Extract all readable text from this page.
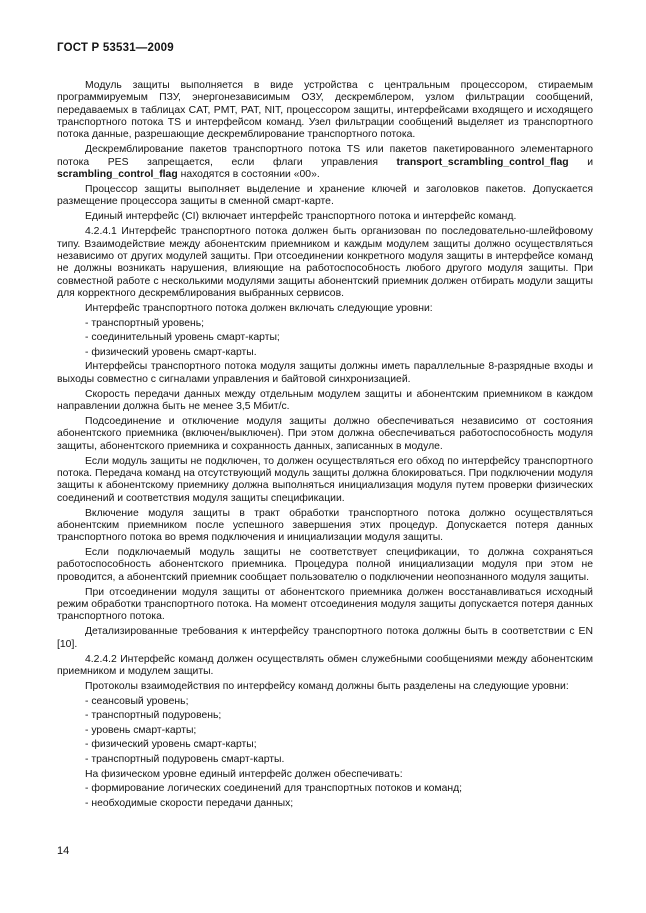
ГОСТ Р 53531—2009

Модуль защиты выполняется в виде устройства с центральным процессором, стираемым программируемым ПЗУ, энергонезависимым ОЗУ, дескремблером, узлом фильтрации сообщений, передаваемых в таблицах CAT, PMT, PAT, NIT, процессором защиты, интерфейсами входящего и исходящего транспортного потока TS и интерфейсом команд. Узел фильтрации сообщений выделяет из транспортного потока данные, разрешающие дескремблирование транспортного потока.

Дескремблирование пакетов транспортного потока TS или пакетов пакетированного элементарного потока PES запрещается, если флаги управления transport_scrambling_control_flag и scrambling_control_flag находятся в состоянии «00».

Процессор защиты выполняет выделение и хранение ключей и заголовков пакетов. Допускается размещение процессора защиты в сменной смарт-карте.

Единый интерфейс (CI) включает интерфейс транспортного потока и интерфейс команд.

4.2.4.1 Интерфейс транспортного потока должен быть организован по последовательно-шлейфовому типу. Взаимодействие между абонентским приемником и каждым модулем защиты должно осуществляться независимо от других модулей защиты. При отсоединении конкретного модуля защиты в интерфейсе команд не должны возникать нарушения, влияющие на работоспособность любого другого модуля защиты. При совместной работе с несколькими модулями защиты абонентский приемник должен отбирать модули защиты для корректного дескремблирования выбранных сервисов.

Интерфейс транспортного потока должен включать следующие уровни:

- транспортный уровень;

- соединительный уровень смарт-карты;

- физический уровень смарт-карты.

Интерфейсы транспортного потока модуля защиты должны иметь параллельные 8-разрядные входы и выходы совместно с сигналами управления и байтовой синхронизацией.

Скорость передачи данных между отдельным модулем защиты и абонентским приемником в каждом направлении должна быть не менее 3,5 Мбит/с.

Подсоединение и отключение модуля защиты должно обеспечиваться независимо от состояния абонентского приемника (включен/выключен). При этом должна обеспечиваться работоспособность модуля защиты, абонентского приемника и сохранность данных, записанных в модуле.

Если модуль защиты не подключен, то должен осуществляться его обход по интерфейсу транспортного потока. Передача команд на отсутствующий модуль защиты должна блокироваться. При подключении модуля защиты к абонентскому приемнику должна выполняться инициализация модуля путем проверки физических соединений и соответствия модуля защиты спецификации.

Включение модуля защиты в тракт обработки транспортного потока должно осуществляться абонентским приемником после успешного завершения этих процедур. Допускается потеря данных транспортного потока во время подключения и инициализации модуля защиты.

Если подключаемый модуль защиты не соответствует спецификации, то должна сохраняться работоспособность абонентского приемника. Процедура полной инициализации модуля при этом не проводится, а абонентский приемник сообщает пользователю о подключении неопознанного модуля защиты.

При отсоединении модуля защиты от абонентского приемника должен восстанавливаться исходный режим обработки транспортного потока. На момент отсоединения модуля защиты допускается потеря данных транспортного потока.

Детализированные требования к интерфейсу транспортного потока должны быть в соответствии с EN [10].

4.2.4.2 Интерфейс команд должен осуществлять обмен служебными сообщениями между абонентским приемником и модулем защиты.

Протоколы взаимодействия по интерфейсу команд должны быть разделены на следующие уровни:

- сеансовый уровень;

- транспортный подуровень;

- уровень смарт-карты;

- физический уровень смарт-карты;

- транспортный подуровень смарт-карты.

На физическом уровне единый интерфейс должен обеспечивать:

- формирование логических соединений для транспортных потоков и команд;

- необходимые скорости передачи данных;

14
